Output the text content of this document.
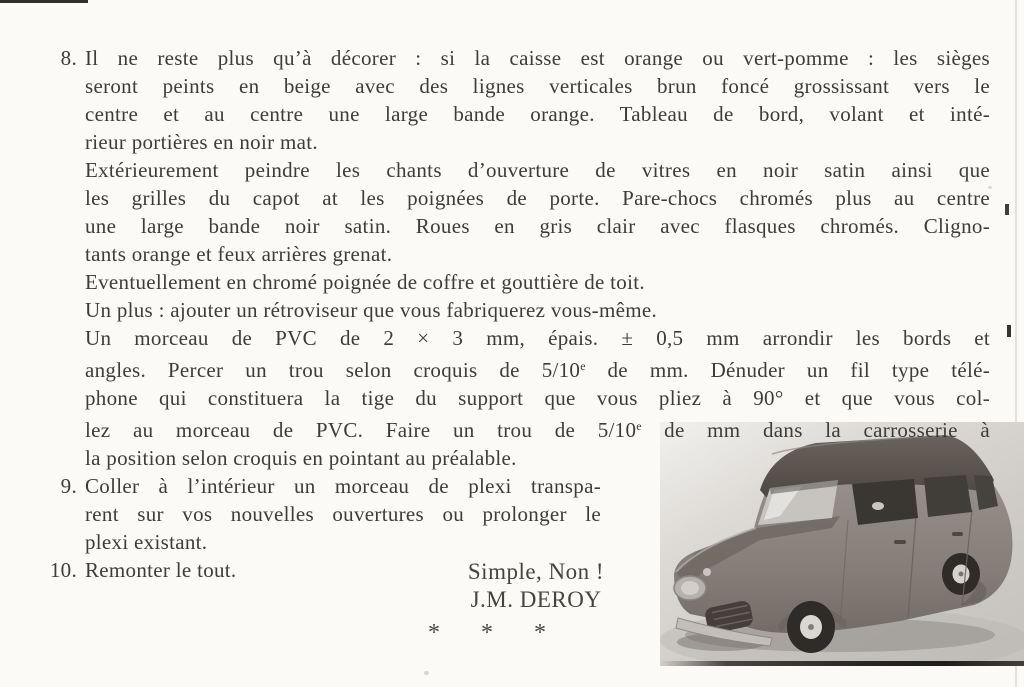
8. Il ne reste plus qu’à décorer : si la caisse est orange ou vert-pomme : les sièges
seront peints en beige avec des lignes verticales brun foncé grossissant vers le
centre et au centre une large bande orange. Tableau de bord, volant et inté-
rieur portières en noir mat.
Extérieurement peindre les chants d’ouverture de vitres en noir satin ainsi que
les grilles du capot at les poignées de porte. Pare-chocs chromés plus au centre
une large bande noir satin. Roues en gris clair avec flasques chromés. Cligno-
tants orange et feux arrières grenat.
Eventuellement en chromé poignée de coffre et gouttière de toit.
Un plus : ajouter un rétroviseur que vous fabriquerez vous-même.
Un morceau de PVC de 2 × 3 mm, épais. ± 0,5 mm arrondir les bords et
angles. Percer un trou selon croquis de 5/10e de mm. Dénuder un fil type télé-
phone qui constituera la tige du support que vous pliez à 90° et que vous col-
lez au morceau de PVC. Faire un trou de 5/10e de mm dans la carrosserie à
la position selon croquis en pointant au préalable.
9. Coller à l’intérieur un morceau de plexi transpa-
rent sur vos nouvelles ouvertures ou prolonger le
plexi existant.
10. Remonter le tout.	Simple, Non !
J.M. DEROY
* * *
